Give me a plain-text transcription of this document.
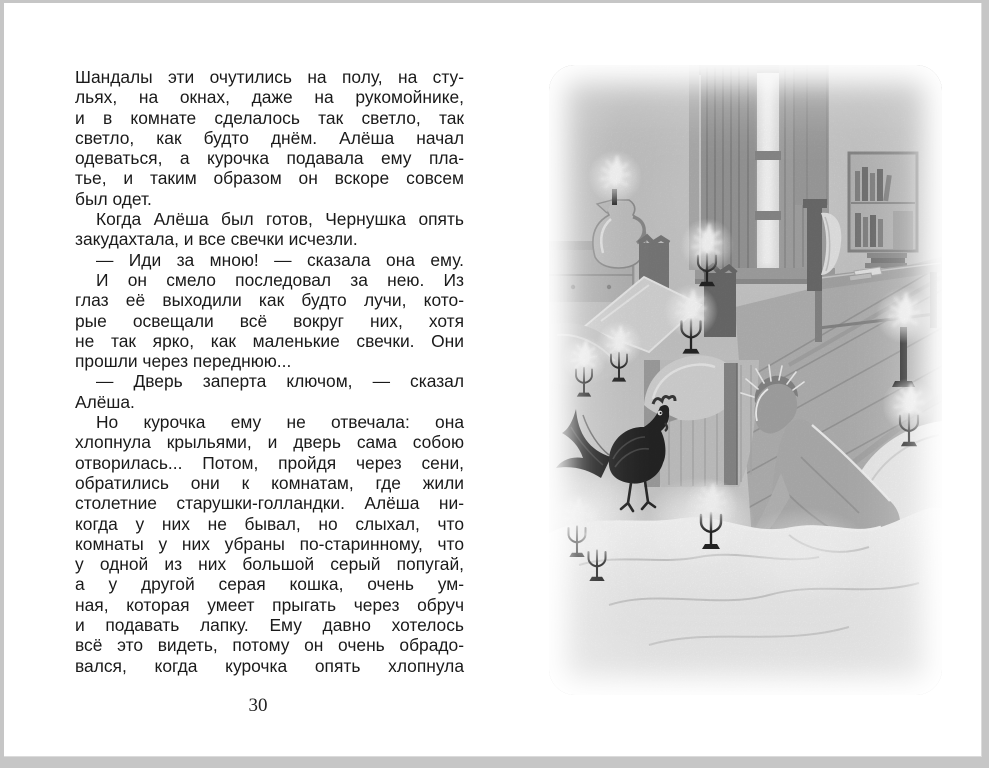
Шандалы эти очутились на полу, на сту-
льях, на окнах, даже на рукомойнике,
и в комнате сделалось так светло, так
светло, как будто днём. Алёша начал
одеваться, а курочка подавала ему пла-
тье, и таким образом он вскоре совсем
был одет.
Когда Алёша был готов, Чернушка опять
закудахтала, и все свечки исчезли.
— Иди за мною! — сказала она ему.
И он смело последовал за нею. Из
глаз её выходили как будто лучи, кото-
рые освещали всё вокруг них, хотя
не так ярко, как маленькие свечки. Они
прошли через переднюю...
— Дверь заперта ключом, — сказал
Алёша.
Но курочка ему не отвечала: она
хлопнула крыльями, и дверь сама собою
отворилась... Потом, пройдя через сени,
обратились они к комнатам, где жили
столетние старушки-голландки. Алёша ни-
когда у них не бывал, но слыхал, что
комнаты у них убраны по-старинному, что
у одной из них большой серый попугай,
а у другой серая кошка, очень ум-
ная, которая умеет прыгать через обруч
и подавать лапку. Ему давно хотелось
всё это видеть, потому он очень обрадо-
вался, когда курочка опять хлопнула
30
